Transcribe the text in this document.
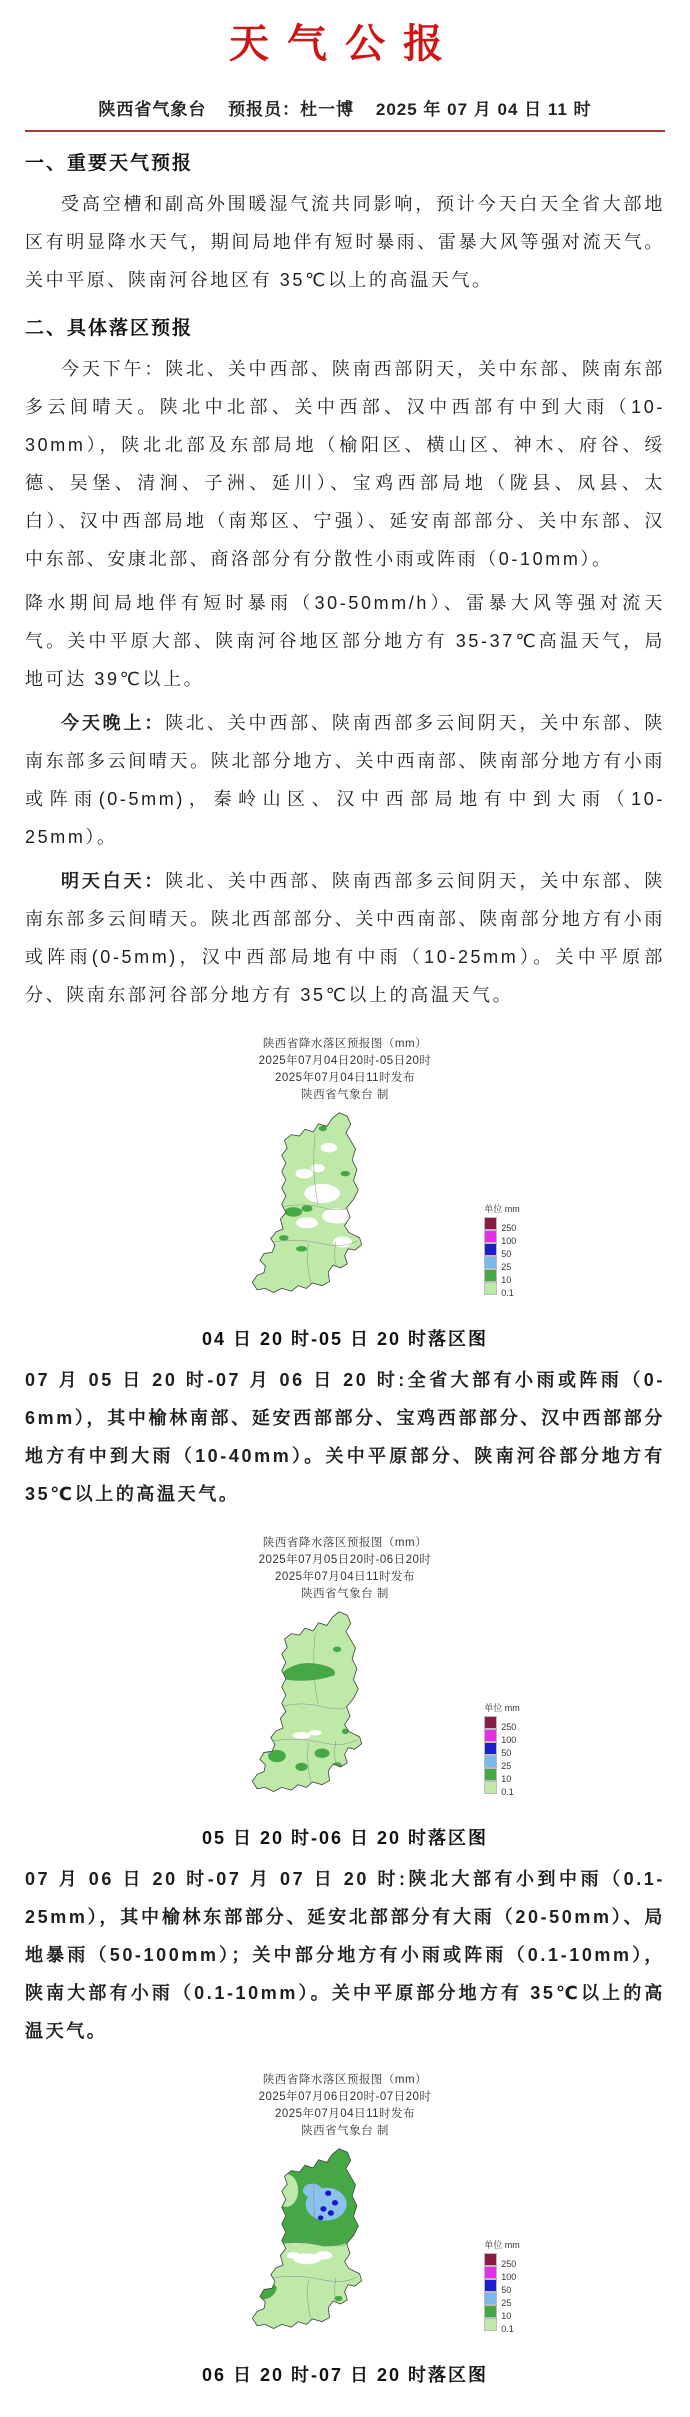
天气公报
陕西省气象台 预报员：杜一博 2025 年 07 月 04 日 11 时
一、重要天气预报

受高空槽和副高外围暖湿气流共同影响，预计今天白天全省大部地区有明显降水天气，期间局地伴有短时暴雨、雷暴大风等强对流天气。关中平原、陕南河谷地区有 35℃以上的高温天气。

二、具体落区预报

今天下午：陕北、关中西部、陕南西部阴天，关中东部、陕南东部多云间晴天。陕北中北部、关中西部、汉中西部有中到大雨（10-30mm），陕北北部及东部局地（榆阳区、横山区、神木、府谷、绥德、吴堡、清涧、子洲、延川）、宝鸡西部局地（陇县、凤县、太白）、汉中西部局地（南郑区、宁强）、延安南部部分、关中东部、汉中东部、安康北部、商洛部分有分散性小雨或阵雨（0-10mm）。

降水期间局地伴有短时暴雨（30-50mm/h）、雷暴大风等强对流天气。关中平原大部、陕南河谷地区部分地方有 35-37℃高温天气，局地可达 39℃以上。

今天晚上：陕北、关中西部、陕南西部多云间阴天，关中东部、陕南东部多云间晴天。陕北部分地方、关中西南部、陕南部分地方有小雨或阵雨(0-5mm)，秦岭山区、汉中西部局地有中到大雨（10-25mm）。

明天白天：陕北、关中西部、陕南西部多云间阴天，关中东部、陕南东部多云间晴天。陕北西部部分、关中西南部、陕南部分地方有小雨或阵雨(0-5mm)，汉中西部局地有中雨（10-25mm）。关中平原部分、陕南东部河谷部分地方有 35℃以上的高温天气。

陕西省降水落区预报图（mm）
2025年07月04日20时-05日20时
2025年07月04日11时发布
陕西省气象台 制
单位 mm
250
100
50
25
10
0.1
04 日 20 时-05 日 20 时落区图

07 月 05 日 20 时-07 月 06 日 20 时:全省大部有小雨或阵雨（0-6mm），其中榆林南部、延安西部部分、宝鸡西部部分、汉中西部部分地方有中到大雨（10-40mm）。关中平原部分、陕南河谷部分地方有 35℃以上的高温天气。

陕西省降水落区预报图（mm）
2025年07月05日20时-06日20时
2025年07月04日11时发布
陕西省气象台 制
单位 mm
250
100
50
25
10
0.1
05 日 20 时-06 日 20 时落区图

07 月 06 日 20 时-07 月 07 日 20 时:陕北大部有小到中雨（0.1-25mm），其中榆林东部部分、延安北部部分有大雨（20-50mm）、局地暴雨（50-100mm）；关中部分地方有小雨或阵雨（0.1-10mm），陕南大部有小雨（0.1-10mm）。关中平原部分地方有 35℃以上的高温天气。

陕西省降水落区预报图（mm）
2025年07月06日20时-07日20时
2025年07月04日11时发布
陕西省气象台 制
单位 mm
250
100
50
25
10
0.1
06 日 20 时-07 日 20 时落区图
